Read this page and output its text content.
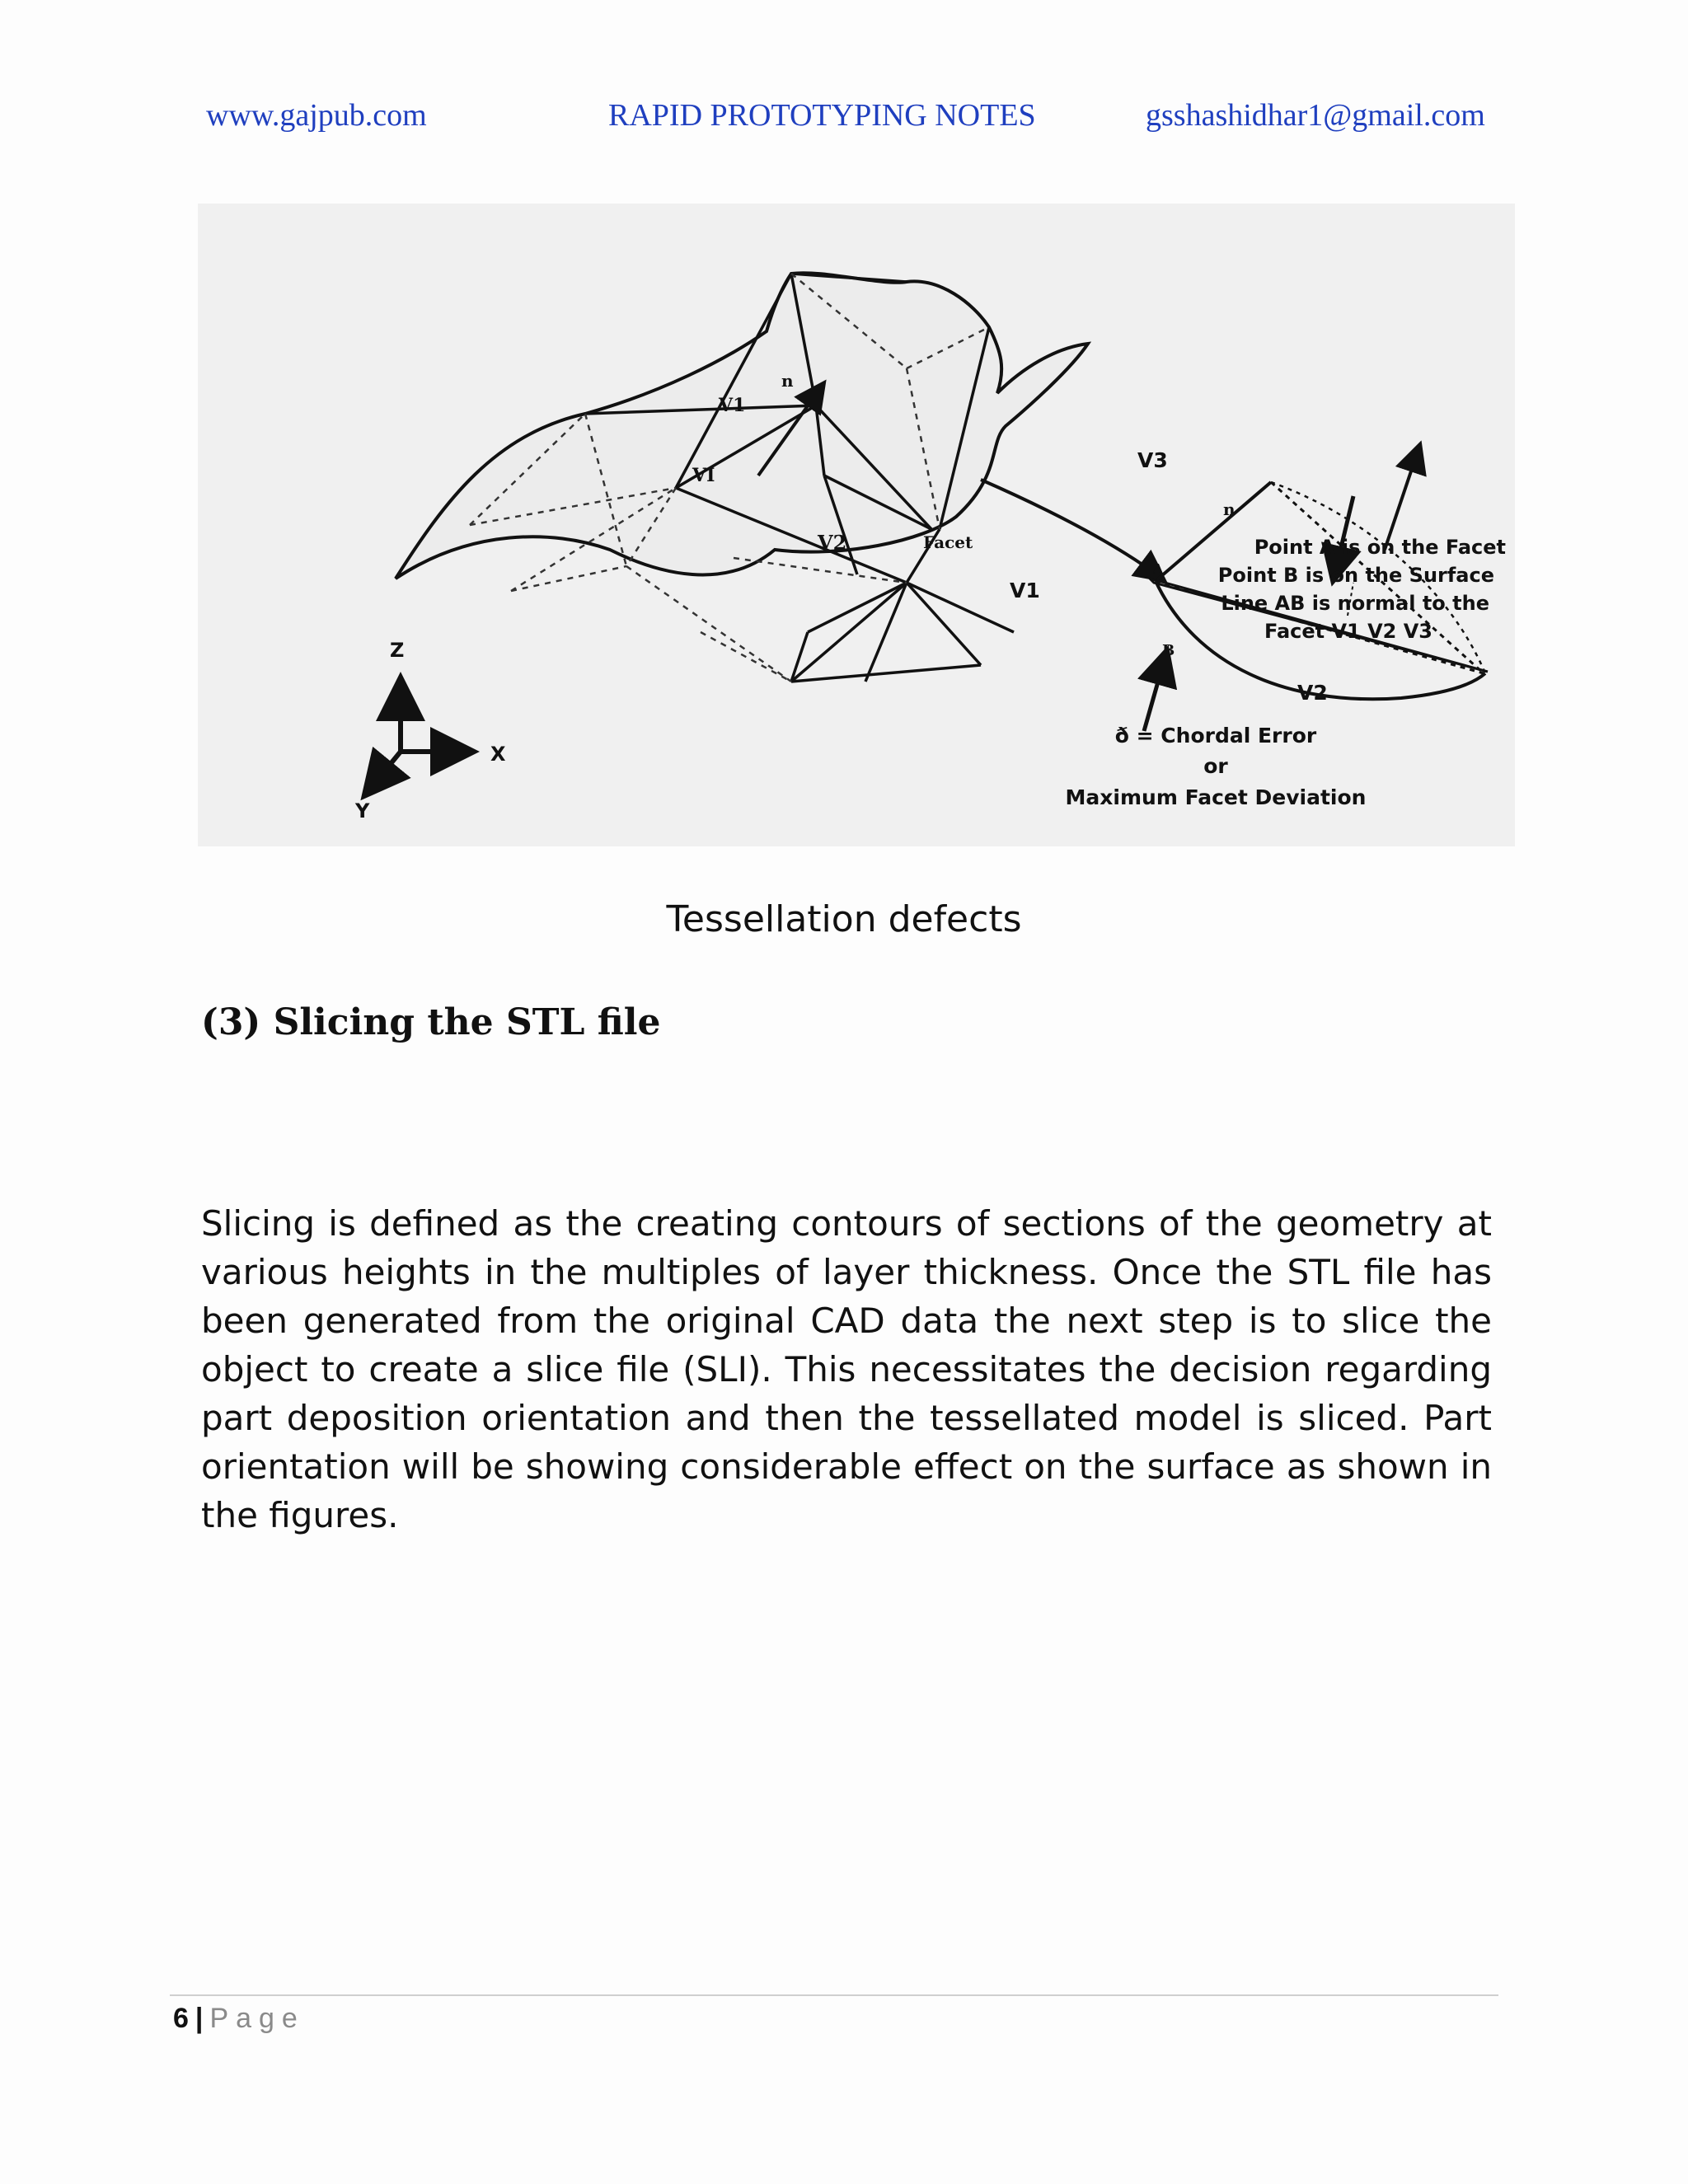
www.gajpub.com	RAPID PROTOTYPING NOTES	gsshashidhar1@gmail.com
V1
VI
V2
n
Facet
V3
V1
V2
n
A
B
Z
X
Y
Point A is on the Facet
Point B is on the Surface
Line AB is normal to the
Facet V1 V2 V3
ð = Chordal Error
or
Maximum Facet Deviation
Tessellation defects
(3) Slicing the STL file
Slicing is defined as the creating contours of sections of the geometry at various heights in the multiples of layer thickness. Once the STL file has been generated from the original CAD data the next step is to slice the object to create a slice file (SLI). This necessitates the decision regarding part deposition orientation and then the tessellated model is sliced. Part orientation will be showing considerable effect on the surface as shown in the figures.
6 | Page
